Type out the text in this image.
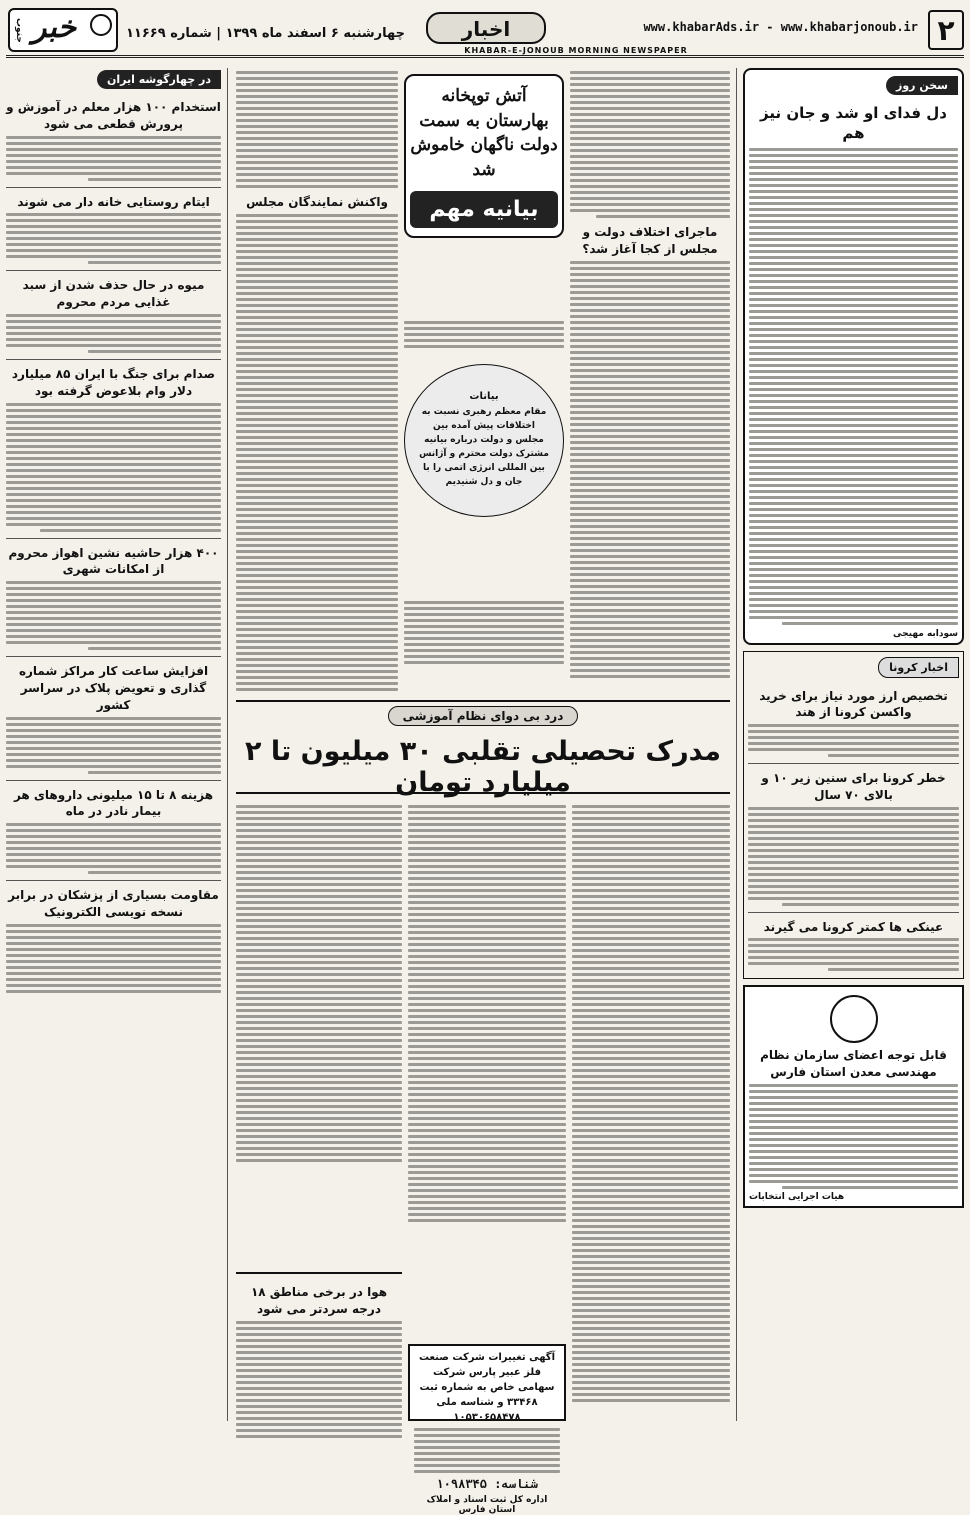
۲
www.khabarAds.ir - www.khabarjonoub.ir
اخبار
KHABAR-E-JONOUB MORNING NEWSPAPER
چهارشنبه ۶ اسفند ماه ۱۳۹۹ | شماره ۱۱۶۶۹
خبر
جنوب
سخن روز
دل فدای او شد و جان نیز هم
سودابه مهیجی
اخبار کرونا
تخصیص ارز مورد نیاز برای خرید واکسن کرونا از هند
خطر کرونا برای سنین زیر ۱۰ و بالای ۷۰ سال
عینکی ها کمتر کرونا می گیرند
قابل توجه اعضای سازمان نظام مهندسی معدن استان فارس
هیات اجرایی انتخابات
ماجرای اختلاف دولت و مجلس از کجا آغاز شد؟
آتش توپخانه بهارستان به سمت دولت ناگهان خاموش شد
بیانیه مهم
بیانات
مقام معظم رهبری نسبت به اختلافات پیش آمده بین مجلس و دولت درباره بیانیه مشترک دولت محترم و آژانس بین المللی انرژی اتمی را با جان و دل شنیدیم
واکنش نمایندگان مجلس
درد بی دوای نظام آموزشی
مدرک تحصیلی تقلبی ۳۰ میلیون تا ۲ میلیارد تومان
آگهی تغییرات شرکت صنعت فلز عبیر پارس شرکت سهامی خاص به شماره ثبت ۳۳۴۶۸ و شناسه ملی ۱۰۵۳۰۶۵۸۴۷۸
شناسه: ۱۰۹۸۳۴۵
اداره کل ثبت اسناد و املاک استان فارس
هوا در برخی مناطق ۱۸ درجه سردتر می شود
در چهارگوشه ایران
استخدام ۱۰۰ هزار معلم در آموزش و پرورش قطعی می شود
ایتام روستایی خانه دار می شوند
میوه در حال حذف شدن از سبد غذایی مردم محروم
صدام برای جنگ با ایران ۸۵ میلیارد دلار وام بلاعوض گرفته بود
۴۰۰ هزار حاشیه نشین اهواز محروم از امکانات شهری
افزایش ساعت کار مراکز شماره گذاری و تعویض پلاک در سراسر کشور
هزینه ۸ تا ۱۵ میلیونی داروهای هر بیمار نادر در ماه
مقاومت بسیاری از پزشکان در برابر نسخه نویسی الکترونیک
